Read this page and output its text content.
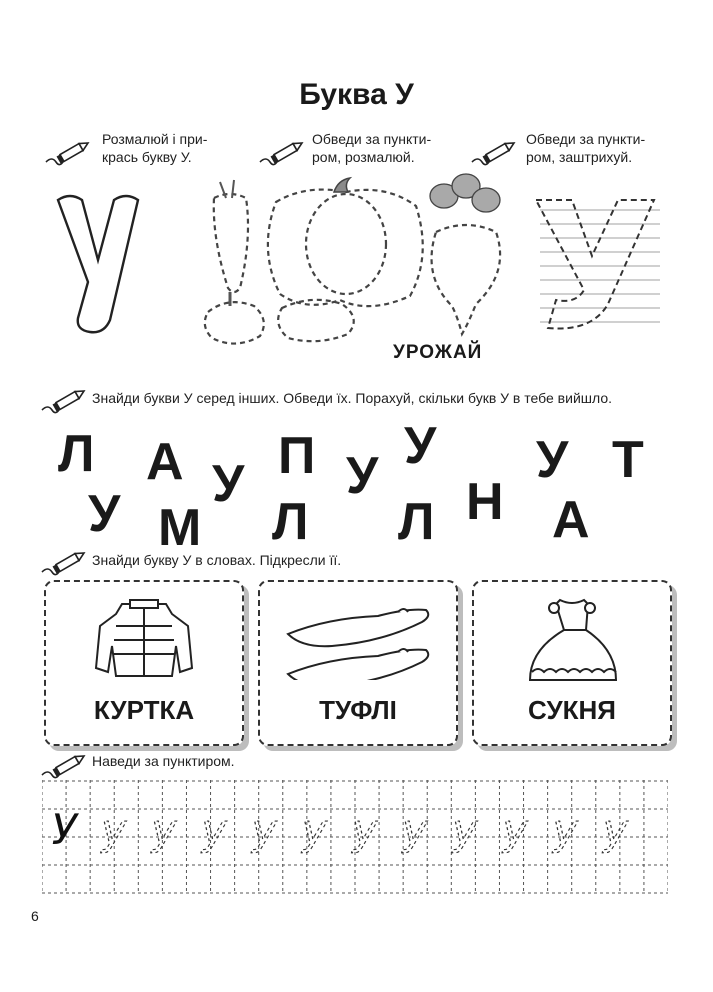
Буква У
Розмалюй і при-
крась букву У.
Обведи за пункти-
ром, розмалюй.
Обведи за пункти-
ром, заштрихуй.
УРОЖАЙ
Знайди букви У серед інших. Обведи їх. Порахуй, скільки букв У в тебе вийшло.
Л А У П У
У У Т
У М Л Л Н А
Знайди букву У в словах. Підкресли її.
КУРТКА	ТУФЛІ	СУКНЯ
Наведи за пунктиром.
У у у у у у у у у у у у
6
